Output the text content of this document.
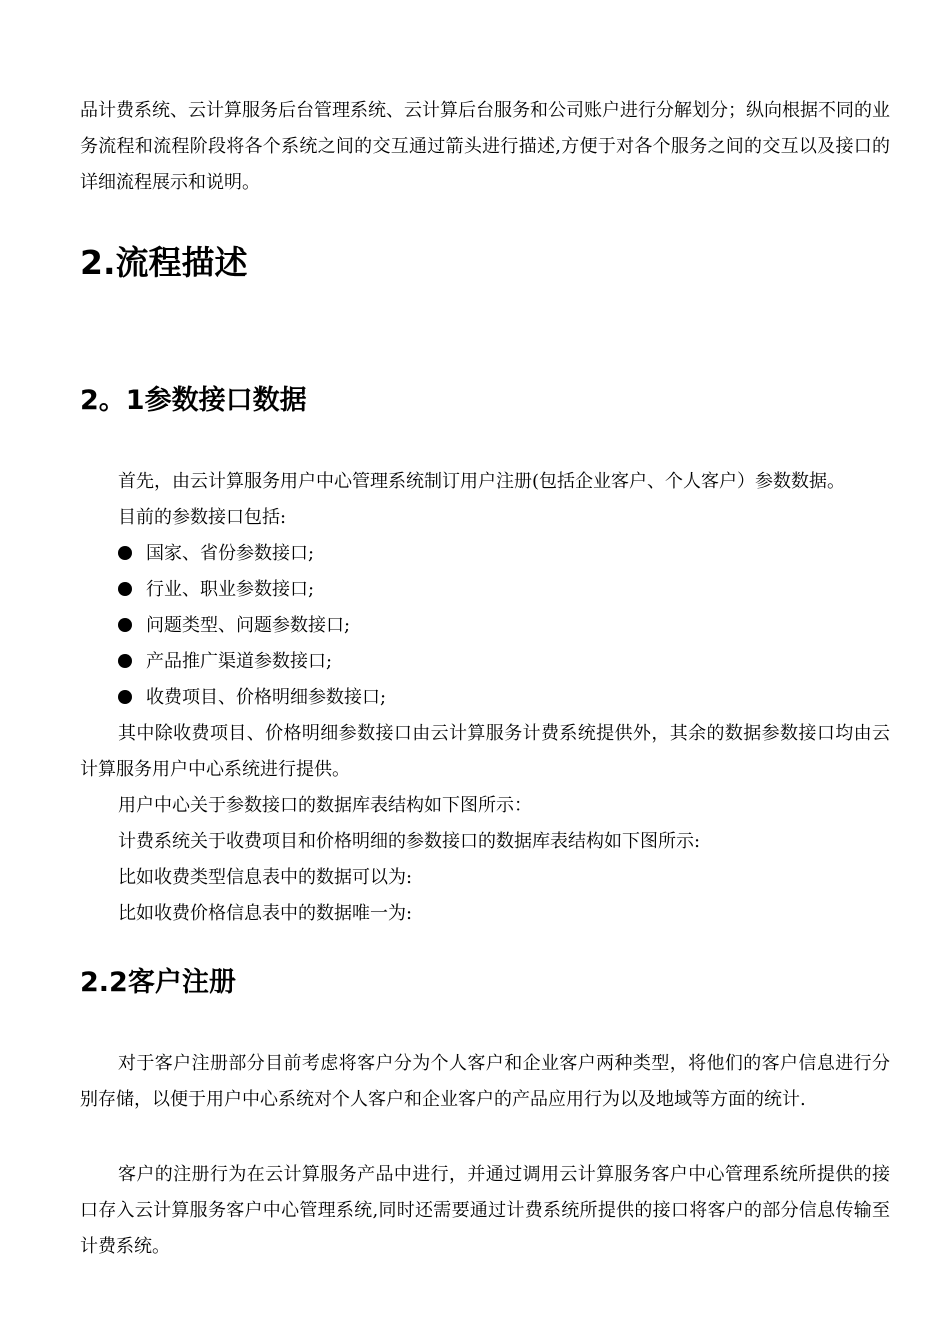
品计费系统、云计算服务后台管理系统、云计算后台服务和公司账户进行分解划分；纵向根据不同的业务流程和流程阶段将各个系统之间的交互通过箭头进行描述,方便于对各个服务之间的交互以及接口的详细流程展示和说明。

2.流程描述
2。1参数接口数据

首先，由云计算服务用户中心管理系统制订用户注册(包括企业客户、个人客户）参数数据。

目前的参数接口包括:

国家、省份参数接口;
行业、职业参数接口;
问题类型、问题参数接口;
产品推广渠道参数接口;
收费项目、价格明细参数接口;

其中除收费项目、价格明细参数接口由云计算服务计费系统提供外，其余的数据参数接口均由云计算服务用户中心系统进行提供。

用户中心关于参数接口的数据库表结构如下图所示：

计费系统关于收费项目和价格明细的参数接口的数据库表结构如下图所示:

比如收费类型信息表中的数据可以为:

比如收费价格信息表中的数据唯一为:

2.2客户注册

对于客户注册部分目前考虑将客户分为个人客户和企业客户两种类型，将他们的客户信息进行分别存储，以便于用户中心系统对个人客户和企业客户的产品应用行为以及地域等方面的统计.

客户的注册行为在云计算服务产品中进行，并通过调用云计算服务客户中心管理系统所提供的接口存入云计算服务客户中心管理系统,同时还需要通过计费系统所提供的接口将客户的部分信息传输至计费系统。
